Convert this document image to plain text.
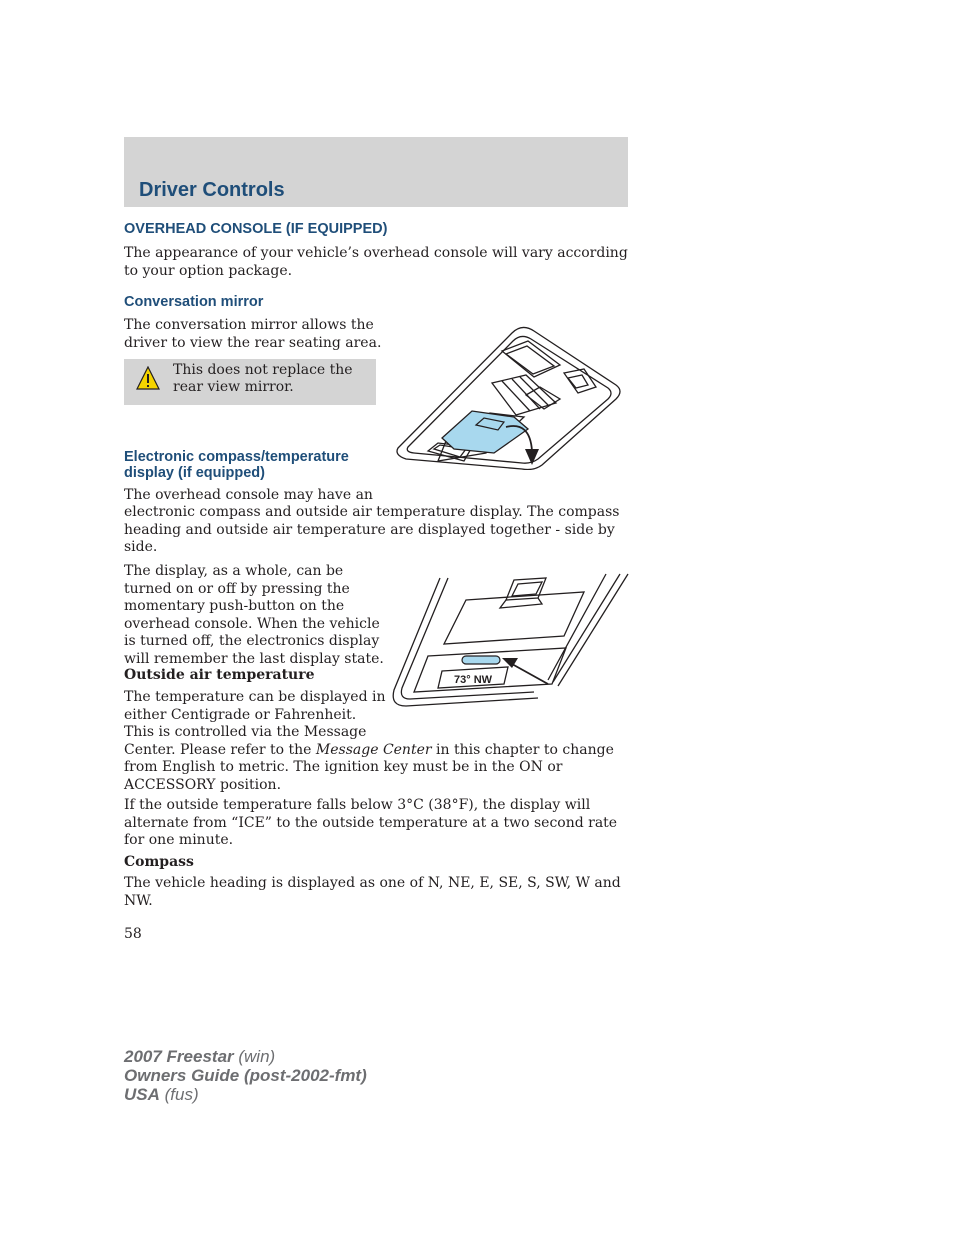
Driver Controls
OVERHEAD CONSOLE (IF EQUIPPED)
The appearance of your vehicle’s overhead console will vary according to your option package.
Conversation mirror
The conversation mirror allows the
driver to view the rear seating area.
This does not replace the
rear view mirror.
Electronic compass/temperature
display (if equipped)
The overhead console may have an
electronic compass and outside air temperature display. The compass heading and outside air temperature are displayed together - side by side.
The display, as a whole, can be
turned on or off by pressing the
momentary push-button on the
overhead console. When the vehicle
is turned off, the electronics display
will remember the last display state.
73° NW
Outside air temperature
The temperature can be displayed in
either Centigrade or Fahrenheit.
This is controlled via the Message
Center. Please refer to the Message Center in this chapter to change
from English to metric. The ignition key must be in the ON or
ACCESSORY position.
If the outside temperature falls below 3°C (38°F), the display will alternate from “ICE” to the outside temperature at a two second rate for one minute.
Compass
The vehicle heading is displayed as one of N, NE, E, SE, S, SW, W and NW.
58
2007 Freestar (win)
Owners Guide (post-2002-fmt)
USA (fus)
